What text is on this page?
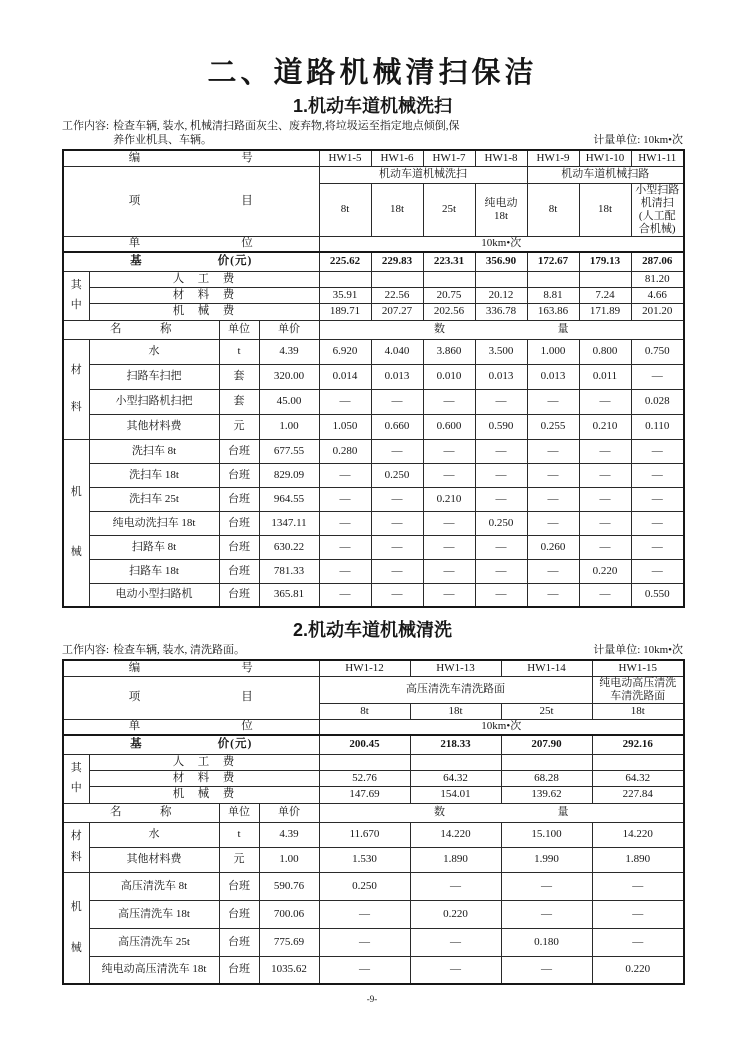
二、道路机械清扫保洁
1.机动车道机械洗扫
工作内容: 检查车辆, 装水, 机械清扫路面灰尘、废弃物,将垃圾运至指定地点倾倒,保
养作业机具、车辆。	计量单位: 10km•次
编　　　　　　　　号				HW1-5	HW1-6	HW1-7	HW1-8	HW1-9	HW1-10	HW1-11
项　　　　　　　　目				机动车道机械洗扫				机动车道机械扫路		
				8t	18t	25t	纯电动 18t	8t	18t	小型扫路机清扫(人工配合机械)
单　　　　　　　　位				10km•次						
基　　　　　　价(元)				225.62	229.83	223.31	356.90	172.67	179.13	287.06

其
中	人　工　费									81.20
	材　料　费			35.91	22.56	20.75	20.12	8.81	7.24	4.66
	机　械　费			189.71	207.27	202.56	336.78	163.86	171.89	201.20
名　　　称		单位	单价	数 量						

材
料	水	t	4.39	6.920	4.040	3.860	3.500	1.000	0.800	0.750
	扫路车扫把	套	320.00	0.014	0.013	0.010	0.013	0.013	0.011	—
	小型扫路机扫把	套	45.00	—	—	—	—	—	—	0.028
	其他材料费	元	1.00	1.050	0.660	0.600	0.590	0.255	0.210	0.110

机
械	洗扫车 8t	台班	677.55	0.280	—	—	—	—	—	—
	洗扫车 18t	台班	829.09	—	0.250	—	—	—	—	—
	洗扫车 25t	台班	964.55	—	—	0.210	—	—	—	—
	纯电动洗扫车 18t	台班	1347.11	—	—	—	0.250	—	—	—
	扫路车 8t	台班	630.22	—	—	—	—	0.260	—	—
	扫路车 18t	台班	781.33	—	—	—	—	—	0.220	—
	电动小型扫路机	台班	365.81	—	—	—	—	—	—	0.550
2.机动车道机械清洗
工作内容: 检查车辆, 装水, 清洗路面。	计量单位: 10km•次
编　　　　　　　　号				HW1-12	HW1-13	HW1-14	HW1-15
项　　　　　　　　目				高压清洗车清洗路面			纯电动高压清洗车清洗路面
				8t	18t	25t	18t
单　　　　　　　　位				10km•次			
基　　　　　　价(元)				200.45	218.33	207.90	292.16

其
中	人　工　费						
	材　料　费			52.76	64.32	68.28	64.32
	机　械　费			147.69	154.01	139.62	227.84
名　　　称		单位	单价	数 量			

材
料	水	t	4.39	11.670	14.220	15.100	14.220
	其他材料费	元	1.00	1.530	1.890	1.990	1.890

机
械	高压清洗车 8t	台班	590.76	0.250	—	—	—
	高压清洗车 18t	台班	700.06	—	0.220	—	—
	高压清洗车 25t	台班	775.69	—	—	0.180	—
	纯电动高压清洗车 18t	台班	1035.62	—	—	—	0.220
-9-
